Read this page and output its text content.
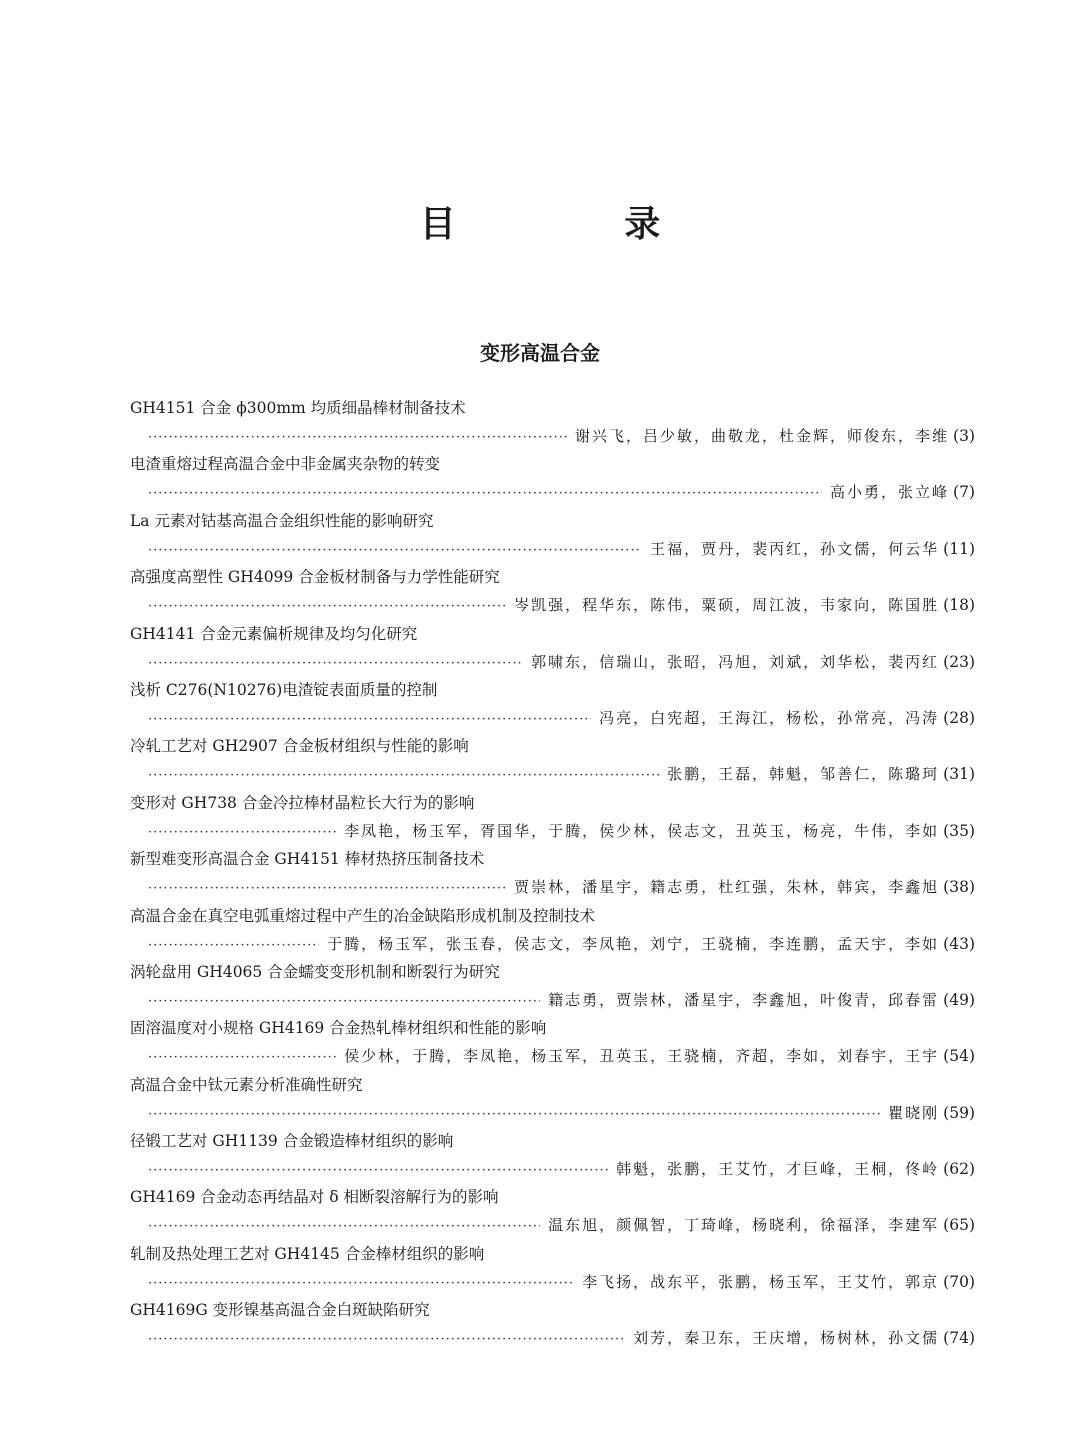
目 录
变形高温合金
GH4151 合金 ϕ300mm 均质细晶棒材制备技术
·····
谢兴飞，吕少敏，曲敬龙，杜金辉，师俊东，李维 (3)
电渣重熔过程高温合金中非金属夹杂物的转变
·····
高小勇，张立峰 (7)
La 元素对钴基高温合金组织性能的影响研究
·····
王福，贾丹，裴丙红，孙文儒，何云华 (11)
高强度高塑性 GH4099 合金板材制备与力学性能研究
·····
岑凯强，程华东，陈伟，粟硕，周江波，韦家向，陈国胜 (18)
GH4141 合金元素偏析规律及均匀化研究
·····
郭啸东，信瑞山，张昭，冯旭，刘斌，刘华松，裴丙红 (23)
浅析 C276(N10276)电渣锭表面质量的控制
·····
冯亮，白宪超，王海江，杨松，孙常亮，冯涛 (28)
冷轧工艺对 GH2907 合金板材组织与性能的影响
·····
张鹏，王磊，韩魁，邹善仁，陈璐珂 (31)
变形对 GH738 合金冷拉棒材晶粒长大行为的影响
·····
李凤艳，杨玉军，胥国华，于腾，侯少林，侯志文，丑英玉，杨亮，牛伟，李如 (35)
新型难变形高温合金 GH4151 棒材热挤压制备技术
·····
贾崇林，潘星宇，籍志勇，杜红强，朱林，韩宾，李鑫旭 (38)
高温合金在真空电弧重熔过程中产生的冶金缺陷形成机制及控制技术
·····
于腾，杨玉军，张玉春，侯志文，李凤艳，刘宁，王骁楠，李连鹏，孟天宇，李如 (43)
涡轮盘用 GH4065 合金蠕变变形机制和断裂行为研究
·····
籍志勇，贾崇林，潘星宇，李鑫旭，叶俊青，邱春雷 (49)
固溶温度对小规格 GH4169 合金热轧棒材组织和性能的影响
·····
侯少林，于腾，李凤艳，杨玉军，丑英玉，王骁楠，齐超，李如，刘春宇，王宇 (54)
高温合金中钛元素分析准确性研究
·····
瞿晓刚 (59)
径锻工艺对 GH1139 合金锻造棒材组织的影响
·····
韩魁，张鹏，王艾竹，才巨峰，王桐，佟岭 (62)
GH4169 合金动态再结晶对 δ 相断裂溶解行为的影响
·····
温东旭，颜佩智，丁琦峰，杨晓利，徐福泽，李建军 (65)
轧制及热处理工艺对 GH4145 合金棒材组织的影响
·····
李飞扬，战东平，张鹏，杨玉军，王艾竹，郭京 (70)
GH4169G 变形镍基高温合金白斑缺陷研究
·····
刘芳，秦卫东，王庆增，杨树林，孙文儒 (74)
